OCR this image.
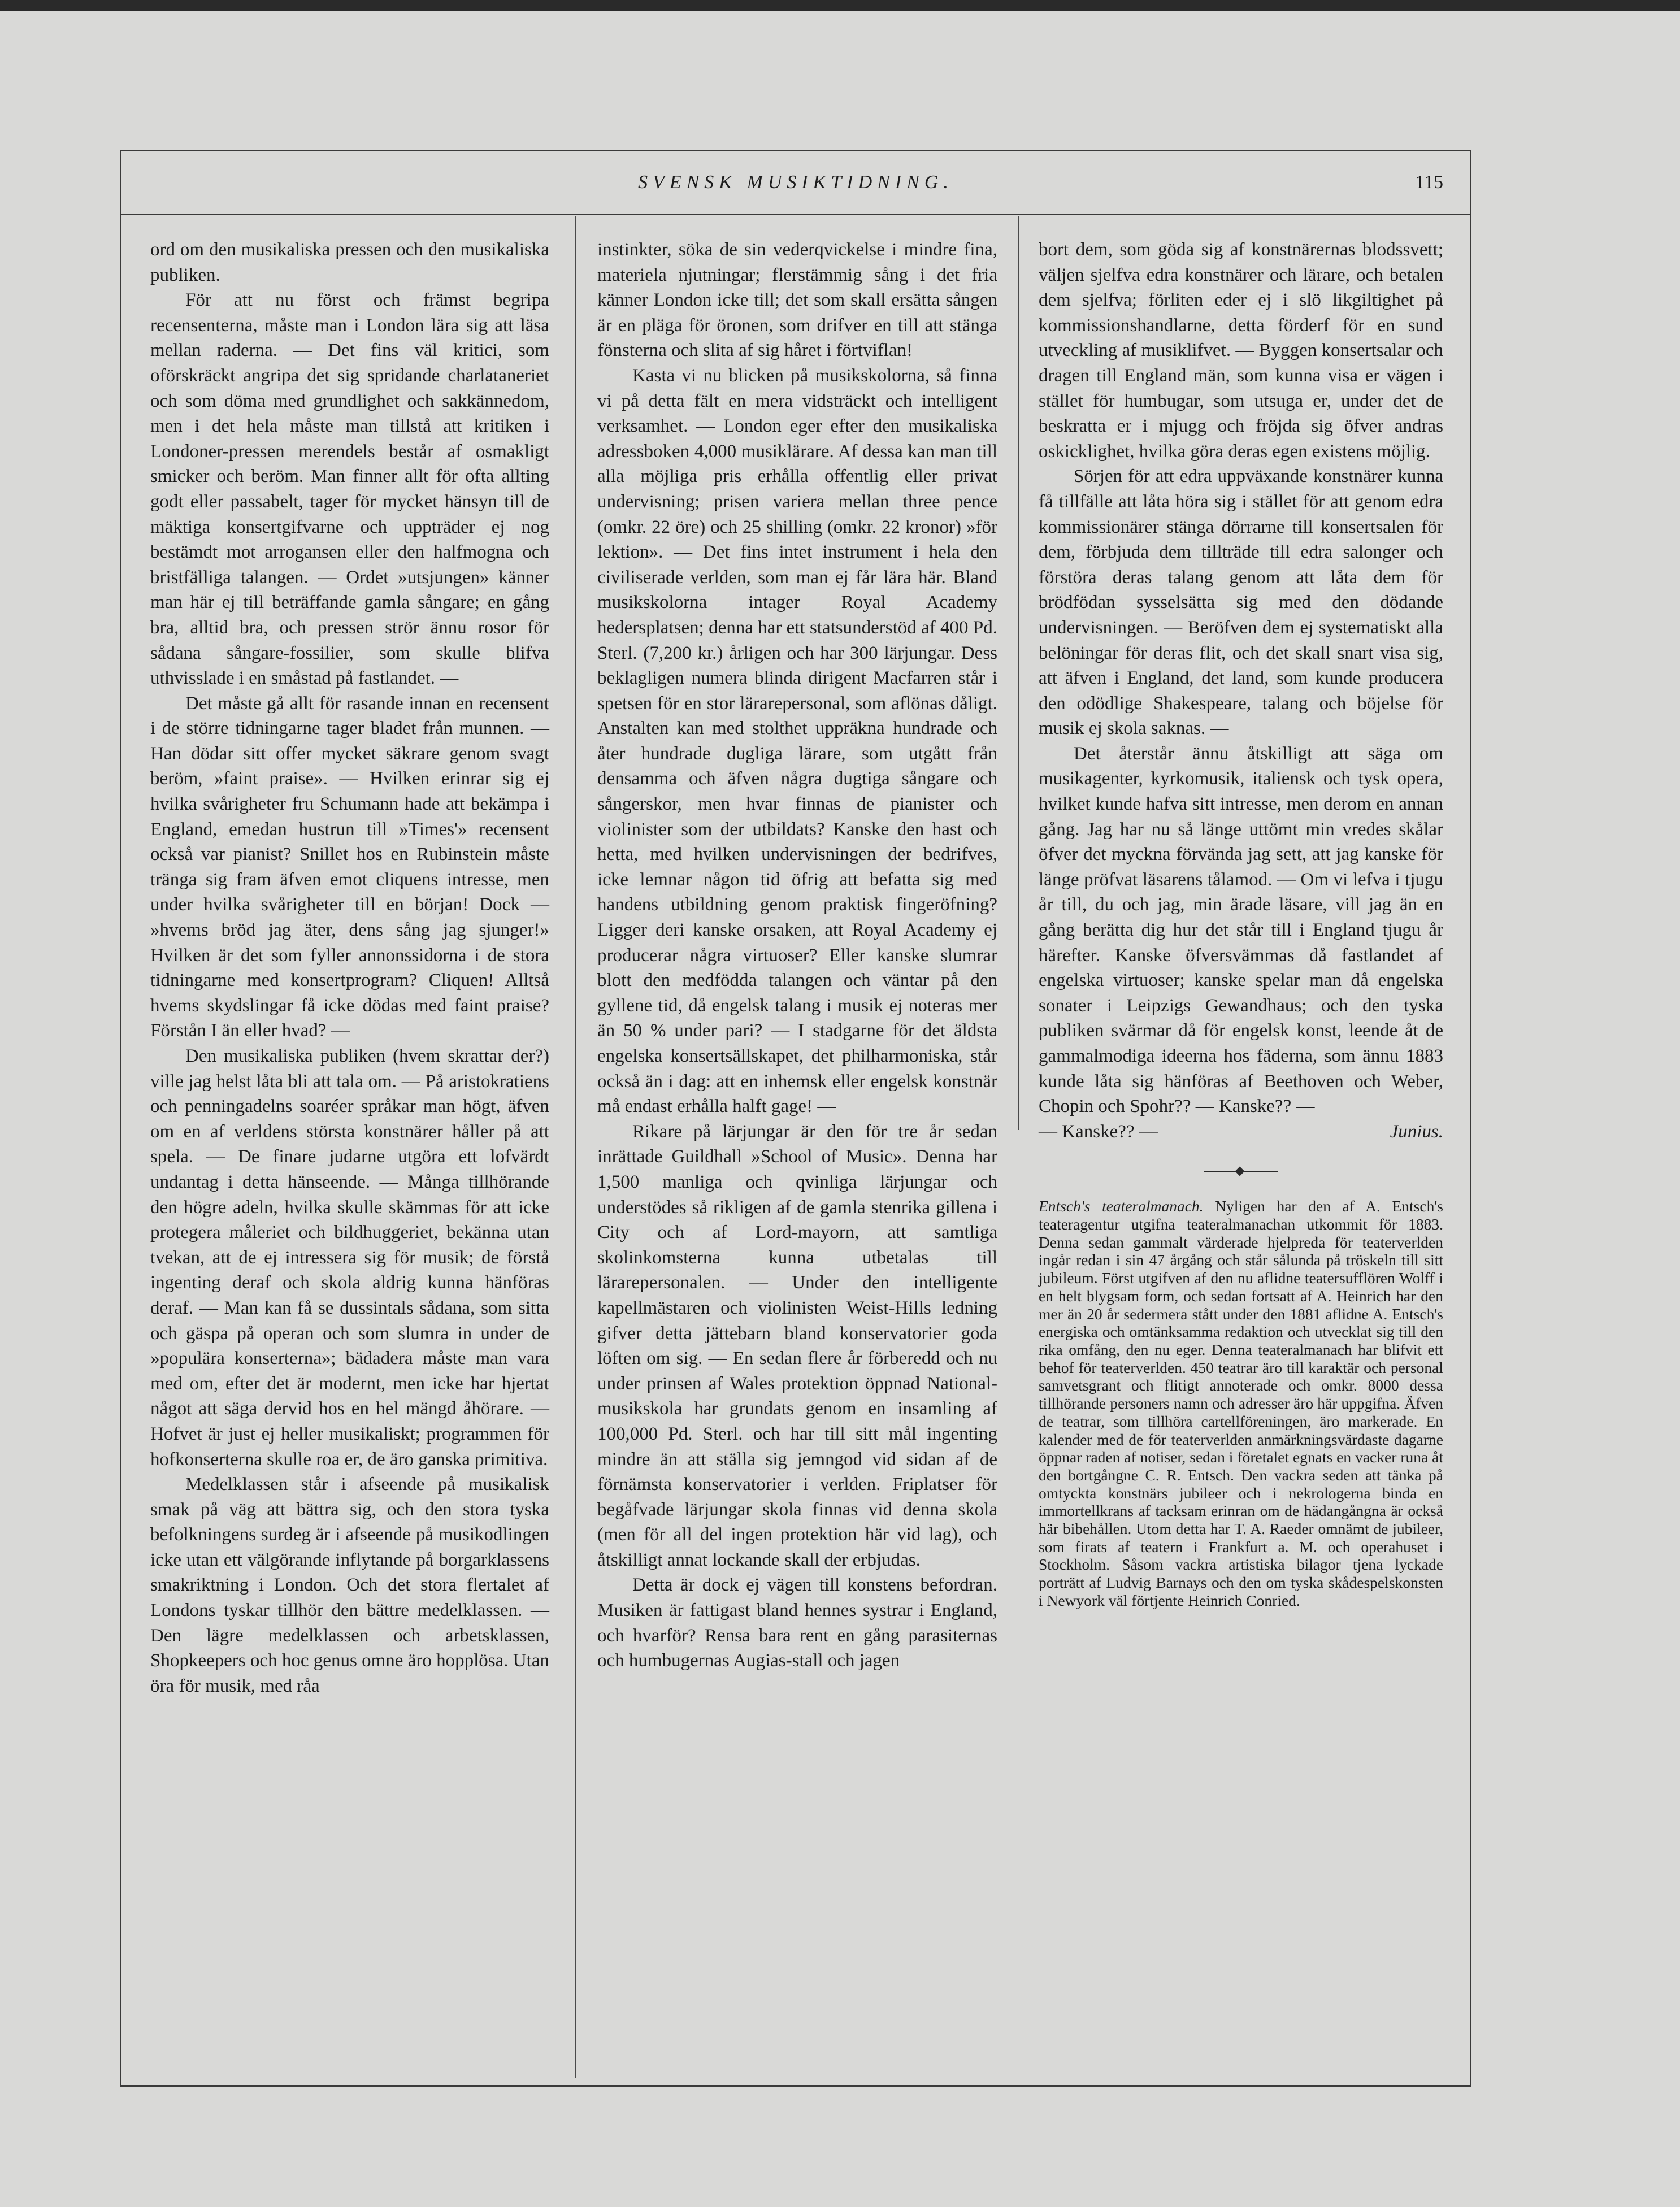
SVENSK MUSIKTIDNING.	115

ord om den musikaliska pressen och den musikaliska publiken.

För att nu först och främst begripa recensenterna, måste man i London lära sig att läsa mellan raderna. — Det fins väl kritici, som oförskräckt angripa det sig spridande charlataneriet och som döma med grundlighet och sakkännedom, men i det hela måste man tillstå att kritiken i Londoner-pressen merendels består af osmakligt smicker och beröm. Man finner allt för ofta allting godt eller passabelt, tager för mycket hänsyn till de mäktiga konsertgifvarne och uppträder ej nog bestämdt mot arrogansen eller den halfmogna och bristfälliga talangen. — Ordet »utsjungen» känner man här ej till beträffande gamla sångare; en gång bra, alltid bra, och pressen strör ännu rosor för sådana sångare-fossilier, som skulle blifva uthvisslade i en småstad på fastlandet. —

Det måste gå allt för rasande innan en recensent i de större tidningarne tager bladet från munnen. — Han dödar sitt offer mycket säkrare genom svagt beröm, »faint praise». — Hvilken erinrar sig ej hvilka svårigheter fru Schumann hade att bekämpa i England, emedan hustrun till »Times'» recensent också var pianist? Snillet hos en Rubinstein måste tränga sig fram äfven emot cliquens intresse, men under hvilka svårigheter till en början! Dock — »hvems bröd jag äter, dens sång jag sjunger!» Hvilken är det som fyller annonssidorna i de stora tidningarne med konsertprogram? Cliquen! Alltså hvems skydslingar få icke dödas med faint praise? Förstån I än eller hvad? —

Den musikaliska publiken (hvem skrattar der?) ville jag helst låta bli att tala om. — På aristokratiens och penningadelns soaréer språkar man högt, äfven om en af verldens största konstnärer håller på att spela. — De finare judarne utgöra ett lofvärdt undantag i detta hänseende. — Många tillhörande den högre adeln, hvilka skulle skämmas för att icke protegera måleriet och bildhuggeriet, bekänna utan tvekan, att de ej intressera sig för musik; de förstå ingenting deraf och skola aldrig kunna hänföras deraf. — Man kan få se dussintals sådana, som sitta och gäspa på operan och som slumra in under de »populära konserterna»; bädadera måste man vara med om, efter det är modernt, men icke har hjertat något att säga dervid hos en hel mängd åhörare. — Hofvet är just ej heller musikaliskt; programmen för hofkonserterna skulle roa er, de äro ganska primitiva.

Medelklassen står i afseende på musikalisk smak på väg att bättra sig, och den stora tyska befolkningens surdeg är i afseende på musikodlingen icke utan ett välgörande inflytande på borgarklassens smakriktning i London. Och det stora flertalet af Londons tyskar tillhör den bättre medelklassen. — Den lägre medelklassen och arbetsklassen, Shopkeepers och hoc genus omne äro hopplösa. Utan öra för musik, med råa

instinkter, söka de sin vederqvickelse i mindre fina, materiela njutningar; flerstämmig sång i det fria känner London icke till; det som skall ersätta sången är en pläga för öronen, som drifver en till att stänga fönsterna och slita af sig håret i förtviflan!

Kasta vi nu blicken på musikskolorna, så finna vi på detta fält en mera vidsträckt och intelligent verksamhet. — London eger efter den musikaliska adressboken 4,000 musiklärare. Af dessa kan man till alla möjliga pris erhålla offentlig eller privat undervisning; prisen variera mellan three pence (omkr. 22 öre) och 25 shilling (omkr. 22 kronor) »för lektion». — Det fins intet instrument i hela den civiliserade verlden, som man ej får lära här. Bland musikskolorna intager Royal Academy hedersplatsen; denna har ett statsunderstöd af 400 Pd. Sterl. (7,200 kr.) årligen och har 300 lärjungar. Dess beklagligen numera blinda dirigent Macfarren står i spetsen för en stor lärarepersonal, som aflönas dåligt. Anstalten kan med stolthet uppräkna hundrade och åter hundrade dugliga lärare, som utgått från densamma och äfven några dugtiga sångare och sångerskor, men hvar finnas de pianister och violinister som der utbildats? Kanske den hast och hetta, med hvilken undervisningen der bedrifves, icke lemnar någon tid öfrig att befatta sig med handens utbildning genom praktisk fingeröfning? Ligger deri kanske orsaken, att Royal Academy ej producerar några virtuoser? Eller kanske slumrar blott den medfödda talangen och väntar på den gyllene tid, då engelsk talang i musik ej noteras mer än 50 % under pari? — I stadgarne för det äldsta engelska konsertsällskapet, det philharmoniska, står också än i dag: att en inhemsk eller engelsk konstnär må endast erhålla halft gage! —

Rikare på lärjungar är den för tre år sedan inrättade Guildhall »School of Music». Denna har 1,500 manliga och qvinliga lärjungar och understödes så rikligen af de gamla stenrika gillena i City och af Lord-mayorn, att samtliga skolinkomsterna kunna utbetalas till lärarepersonalen. — Under den intelligente kapellmästaren och violinisten Weist-Hills ledning gifver detta jättebarn bland konservatorier goda löften om sig. — En sedan flere år förberedd och nu under prinsen af Wales protektion öppnad National-musikskola har grundats genom en insamling af 100,000 Pd. Sterl. och har till sitt mål ingenting mindre än att ställa sig jemngod vid sidan af de förnämsta konservatorier i verlden. Friplatser för begåfvade lärjungar skola finnas vid denna skola (men för all del ingen protektion här vid lag), och åtskilligt annat lockande skall der erbjudas.

Detta är dock ej vägen till konstens befordran. Musiken är fattigast bland hennes systrar i England, och hvarför? Rensa bara rent en gång parasiternas och humbugernas Augias-stall och jagen

bort dem, som göda sig af konstnärernas blodssvett; väljen sjelfva edra konstnärer och lärare, och betalen dem sjelfva; förliten eder ej i slö likgiltighet på kommissionshandlarne, detta förderf för en sund utveckling af musiklifvet. — Byggen konsertsalar och dragen till England män, som kunna visa er vägen i stället för humbugar, som utsuga er, under det de beskratta er i mjugg och fröjda sig öfver andras oskicklighet, hvilka göra deras egen existens möjlig.

Sörjen för att edra uppväxande konstnärer kunna få tillfälle att låta höra sig i stället för att genom edra kommissionärer stänga dörrarne till konsertsalen för dem, förbjuda dem tillträde till edra salonger och förstöra deras talang genom att låta dem för brödfödan sysselsätta sig med den dödande undervisningen. — Beröfven dem ej systematiskt alla belöningar för deras flit, och det skall snart visa sig, att äfven i England, det land, som kunde producera den odödlige Shakespeare, talang och böjelse för musik ej skola saknas. —

Det återstår ännu åtskilligt att säga om musikagenter, kyrkomusik, italiensk och tysk opera, hvilket kunde hafva sitt intresse, men derom en annan gång. Jag har nu så länge uttömt min vredes skålar öfver det myckna förvända jag sett, att jag kanske för länge pröfvat läsarens tålamod. — Om vi lefva i tjugu år till, du och jag, min ärade läsare, vill jag än en gång berätta dig hur det står till i England tjugu år härefter. Kanske öfversvämmas då fastlandet af engelska virtuoser; kanske spelar man då engelska sonater i Leipzigs Gewandhaus; och den tyska publiken svärmar då för engelsk konst, leende åt de gammalmodiga ideerna hos fäderna, som ännu 1883 kunde låta sig hänföras af Beethoven och Weber, Chopin och Spohr?? — Kanske?? —

— Kanske?? —	Junius.
Entsch's teateralmanach. Nyligen har den af A. Entsch's teateragentur utgifna teateralmanachan utkommit för 1883. Denna sedan gammalt värderade hjelpreda för teaterverlden ingår redan i sin 47 årgång och står sålunda på tröskeln till sitt jubileum. Först utgifven af den nu aflidne teatersufflören Wolff i en helt blygsam form, och sedan fortsatt af A. Heinrich har den mer än 20 år sedermera stått under den 1881 aflidne A. Entsch's energiska och omtänksamma redaktion och utvecklat sig till den rika omfång, den nu eger. Denna teateralmanach har blifvit ett behof för teaterverlden. 450 teatrar äro till karaktär och personal samvetsgrant och flitigt annoterade och omkr. 8000 dessa tillhörande personers namn och adresser äro här uppgifna. Äfven de teatrar, som tillhöra cartellföreningen, äro markerade. En kalender med de för teaterverlden anmärkningsvärdaste dagarne öppnar raden af notiser, sedan i företalet egnats en vacker runa åt den bortgångne C. R. Entsch. Den vackra seden att tänka på omtyckta konstnärs jubileer och i nekrologerna binda en immortellkrans af tacksam erinran om de hädangångna är också här bibehållen. Utom detta har T. A. Raeder omnämt de jubileer, som firats af teatern i Frankfurt a. M. och operahuset i Stockholm. Såsom vackra artistiska bilagor tjena lyckade porträtt af Ludvig Barnays och den om tyska skådespelskonsten i Newyork väl förtjente Heinrich Conried.
